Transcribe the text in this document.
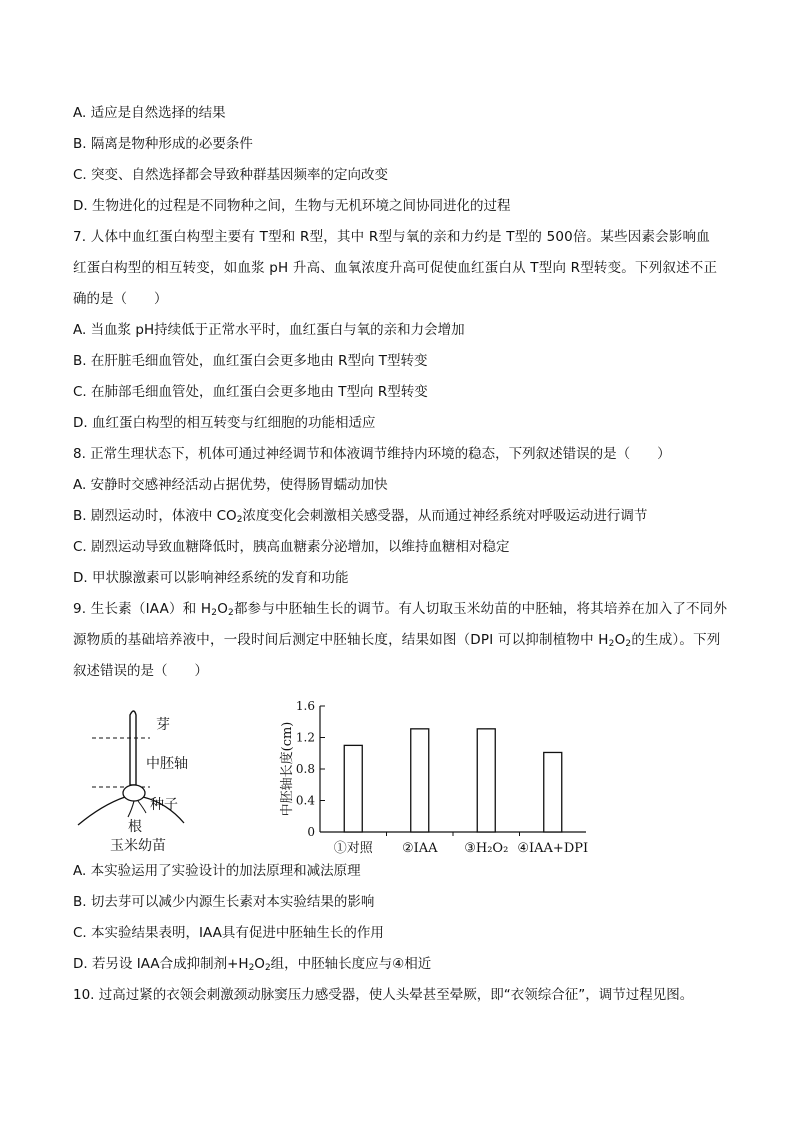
A. 适应是自然选择的结果
B. 隔离是物种形成的必要条件
C. 突变、自然选择都会导致种群基因频率的定向改变
D. 生物进化的过程是不同物种之间，生物与无机环境之间协同进化的过程
7. 人体中血红蛋白构型主要有 T型和 R型，其中 R型与氧的亲和力约是 T型的 500倍。某些因素会影响血
红蛋白构型的相互转变，如血浆 pH 升高、血氧浓度升高可促使血红蛋白从 T型向 R型转变。下列叙述不正
确的是（　　）
A. 当血浆 pH持续低于正常水平时，血红蛋白与氧的亲和力会增加
B. 在肝脏毛细血管处，血红蛋白会更多地由 R型向 T型转变
C. 在肺部毛细血管处，血红蛋白会更多地由 T型向 R型转变
D. 血红蛋白构型的相互转变与红细胞的功能相适应
8. 正常生理状态下，机体可通过神经调节和体液调节维持内环境的稳态，下列叙述错误的是（　　）
A. 安静时交感神经活动占据优势，使得肠胃蠕动加快
B. 剧烈运动时，体液中 $CO_2$浓度变化会刺激相关感受器，从而通过神经系统对呼吸运动进行调节
C. 剧烈运动导致血糖降低时，胰高血糖素分泌增加，以维持血糖相对稳定
D. 甲状腺激素可以影响神经系统的发育和功能
9. 生长素（IAA）和 $H_2O_2$都参与中胚轴生长的调节。有人切取玉米幼苗的中胚轴，将其培养在加入了不同外
源物质的基础培养液中，一段时间后测定中胚轴长度，结果如图（DPI 可以抑制植物中 $H_2O_2$的生成）。下列
叙述错误的是（　　）
芽
中胚轴
种子
根
玉米幼苗
0
0.4
0.8
1.2
1.6
中胚轴长度(cm)
①对照 ②IAA ③H₂O₂ ④IAA+DPI
A. 本实验运用了实验设计的加法原理和减法原理
B. 切去芽可以减少内源生长素对本实验结果的影响
C. 本实验结果表明，IAA具有促进中胚轴生长的作用
D. 若另设 IAA合成抑制剂$+H_2O_2$组，中胚轴长度应与④相近
10. 过高过紧的衣领会刺激颈动脉窦压力感受器，使人头晕甚至晕厥，即“衣领综合征”，调节过程见图。
